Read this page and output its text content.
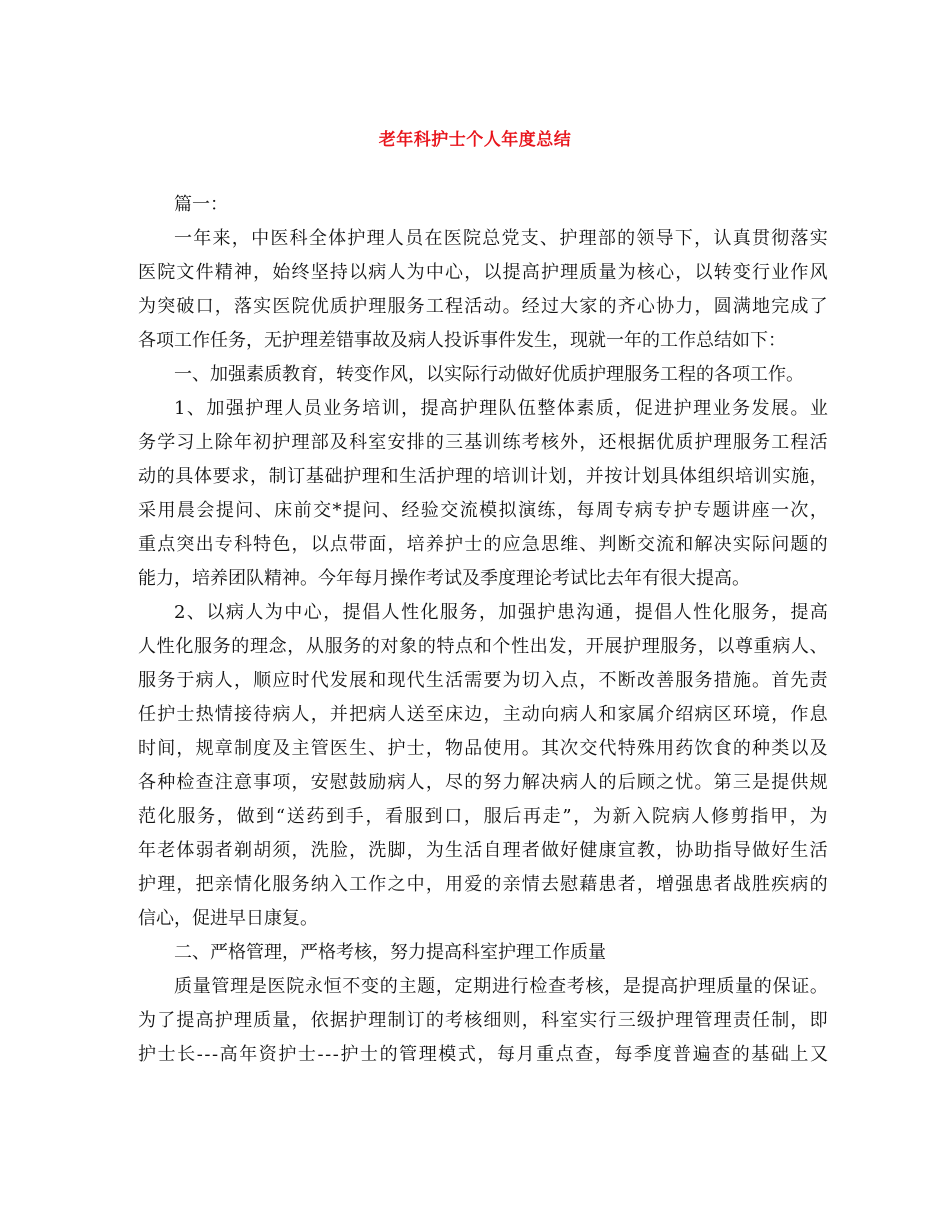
老年科护士个人年度总结
篇一：
一 年 来 ， 中 医 科 全 体 护 理 人 员 在 医 院 总 党 支 、 护 理 部 的 领 导 下 ， 认 真 贯 彻 落 实
医 院 文 件 精 神 ， 始 终 坚 持 以 病 人 为 中 心 ， 以 提 高 护 理 质 量 为 核 心 ， 以 转 变 行 业 作 风
为 突 破 口 ， 落 实 医 院 优 质 护 理 服 务 工 程 活 动 。 经 过 大 家 的 齐 心 协 力 ， 圆 满 地 完 成 了
各项工作任务，无护理差错事故及病人投诉事件发生，现就一年的工作总结如下：
一、加强素质教育，转变作风，以实际行动做好优质护理服务工程的各项工作。
1 、 加 强 护 理 人 员 业 务 培 训 ， 提 高 护 理 队 伍 整 体 素 质 ， 促 进 护 理 业 务 发 展 。 业
务 学 习 上 除 年 初 护 理 部 及 科 室 安 排 的 三 基 训 练 考 核 外 ， 还 根 据 优 质 护 理 服 务 工 程 活
动 的 具 体 要 求 ， 制 订 基 础 护 理 和 生 活 护 理 的 培 训 计 划 ， 并 按 计 划 具 体 组 织 培 训 实 施 ，
采 用 晨 会 提 问 、 床 前 交 * 提 问 、 经 验 交 流 模 拟 演 练 ， 每 周 专 病 专 护 专 题 讲 座 一 次 ，
重 点 突 出 专 科 特 色 ， 以 点 带 面 ， 培 养 护 士 的 应 急 思 维 、 判 断 交 流 和 解 决 实 际 问 题 的
能力，培养团队精神。今年每月操作考试及季度理论考试比去年有很大提高。
2 、 以 病 人 为 中 心 ， 提 倡 人 性 化 服 务 ， 加 强 护 患 沟 通 ， 提 倡 人 性 化 服 务 ， 提 高
人 性 化 服 务 的 理 念 ， 从 服 务 的 对 象 的 特 点 和 个 性 出 发 ， 开 展 护 理 服 务 ， 以 尊 重 病 人 、
服 务 于 病 人 ， 顺 应 时 代 发 展 和 现 代 生 活 需 要 为 切 入 点 ， 不 断 改 善 服 务 措 施 。 首 先 责
任 护 士 热 情 接 待 病 人 ， 并 把 病 人 送 至 床 边 ， 主 动 向 病 人 和 家 属 介 绍 病 区 环 境 ， 作 息
时 间 ， 规 章 制 度 及 主 管 医 生 、 护 士 ， 物 品 使 用 。 其 次 交 代 特 殊 用 药 饮 食 的 种 类 以 及
各 种 检 查 注 意 事 项 ， 安 慰 鼓 励 病 人 ， 尽 的 努 力 解 决 病 人 的 后 顾 之 忧 。 第 三 是 提 供 规
范 化 服 务 ， 做 到 “ 送 药 到 手 ， 看 服 到 口 ， 服 后 再 走 ” ， 为 新 入 院 病 人 修 剪 指 甲 ， 为
年 老 体 弱 者 剃 胡 须 ， 洗 脸 ， 洗 脚 ， 为 生 活 自 理 者 做 好 健 康 宣 教 ， 协 助 指 导 做 好 生 活
护 理 ， 把 亲 情 化 服 务 纳 入 工 作 之 中 ， 用 爱 的 亲 情 去 慰 藉 患 者 ， 增 强 患 者 战 胜 疾 病 的
信心，促进早日康复。
二、严格管理，严格考核，努力提高科室护理工作质量
质 量 管 理 是 医 院 永 恒 不 变 的 主 题 ， 定 期 进 行 检 查 考 核 ， 是 提 高 护 理 质 量 的 保 证 。
为 了 提 高 护 理 质 量 ， 依 据 护 理 制 订 的 考 核 细 则 ， 科 室 实 行 三 级 护 理 管 理 责 任 制 ， 即
护 士 长 - - - 高 年 资 护 士 - - - 护 士 的 管 理 模 式 ， 每 月 重 点 查 ， 每 季 度 普 遍 查 的 基 础 上 又
